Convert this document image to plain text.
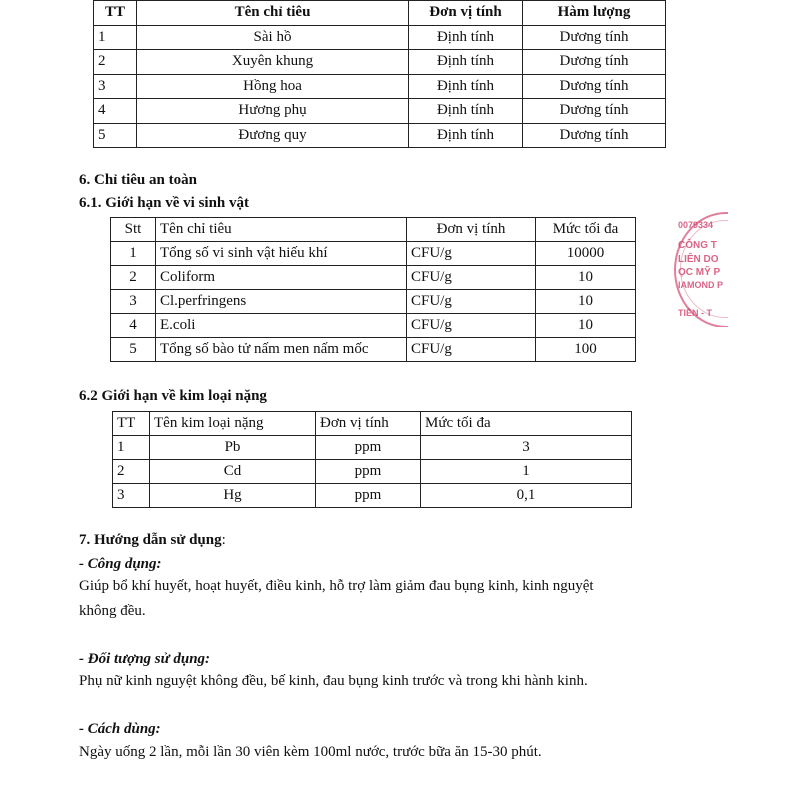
TT	Tên chỉ tiêu	Đơn vị tính	Hàm lượng
1	Sài hồ	Định tính	Dương tính
2	Xuyên khung	Định tính	Dương tính
3	Hồng hoa	Định tính	Dương tính
4	Hương phụ	Định tính	Dương tính
5	Đương quy	Định tính	Dương tính
6. Chỉ tiêu an toàn
6.1. Giới hạn về vi sinh vật
Stt	Tên chỉ tiêu	Đơn vị tính	Mức tối đa
1	Tổng số vi sinh vật hiếu khí	CFU/g	10000
2	Coliform	CFU/g	10
3	Cl.perfringens	CFU/g	10
4	E.coli	CFU/g	10
5	Tổng số bào tử nấm men nấm mốc	CFU/g	100
0079334
CÔNG T
LIÊN DO
ỌC MỸ P
IAMOND P
TIỀN - T
6.2 Giới hạn về kim loại nặng
TT	Tên kim loại nặng	Đơn vị tính	Mức tối đa
1	Pb	ppm	3
2	Cd	ppm	1
3	Hg	ppm	0,1
7. Hướng dẫn sử dụng:
- Công dụng:
Giúp bổ khí huyết, hoạt huyết, điều kinh, hỗ trợ làm giảm đau bụng kinh, kinh nguyệt
không đều.
- Đối tượng sử dụng:
Phụ nữ kinh nguyệt không đều, bế kinh, đau bụng kinh trước và trong khi hành kinh.
- Cách dùng:
Ngày uống 2 lần, mỗi lần 30 viên kèm 100ml nước, trước bữa ăn 15-30 phút.
